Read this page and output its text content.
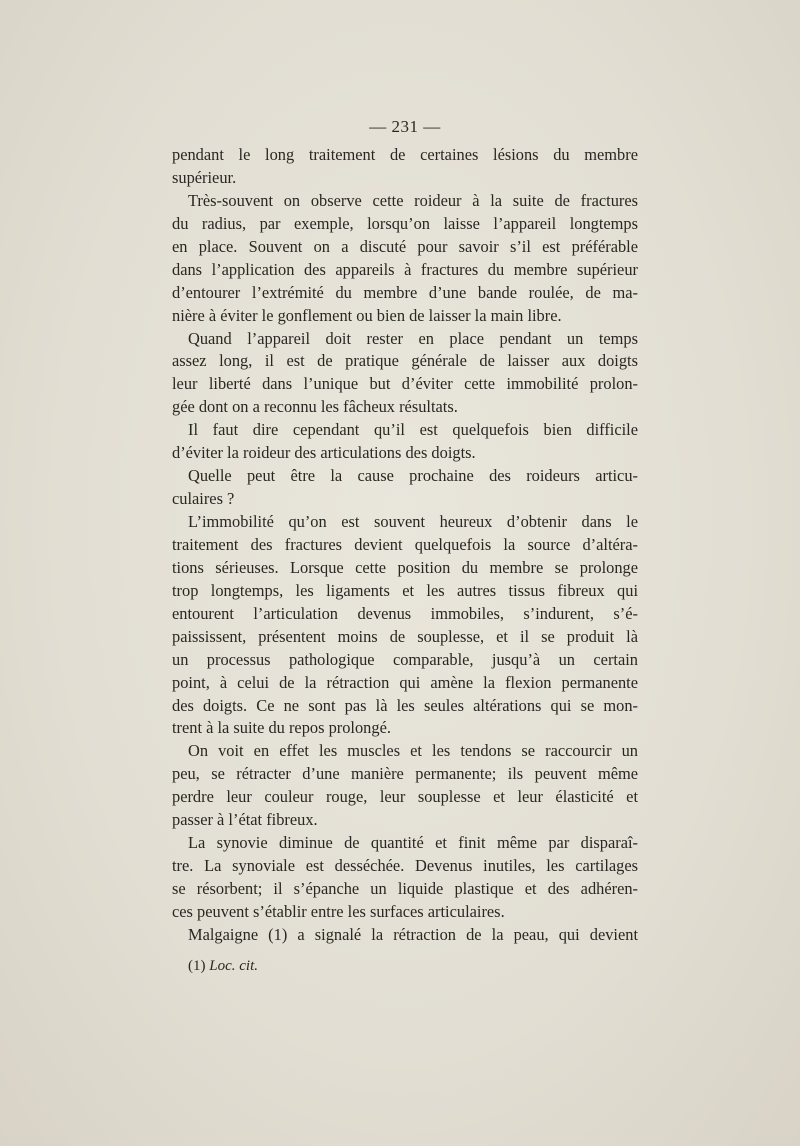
— 231 —
pendant le long traitement de certaines lésions du membre
supérieur.
Très-souvent on observe cette roideur à la suite de fractures
du radius, par exemple, lorsqu’on laisse l’appareil longtemps
en place. Souvent on a discuté pour savoir s’il est préférable
dans l’application des appareils à fractures du membre supérieur
d’entourer l’extrémité du membre d’une bande roulée, de ma-
nière à éviter le gonflement ou bien de laisser la main libre.
Quand l’appareil doit rester en place pendant un temps
assez long, il est de pratique générale de laisser aux doigts
leur liberté dans l’unique but d’éviter cette immobilité prolon-
gée dont on a reconnu les fâcheux résultats.
Il faut dire cependant qu’il est quelquefois bien difficile
d’éviter la roideur des articulations des doigts.
Quelle peut être la cause prochaine des roideurs articu-
culaires ?
L’immobilité qu’on est souvent heureux d’obtenir dans le
traitement des fractures devient quelquefois la source d’altéra-
tions sérieuses. Lorsque cette position du membre se prolonge
trop longtemps, les ligaments et les autres tissus fibreux qui
entourent l’articulation devenus immobiles, s’indurent, s’é-
paississent, présentent moins de souplesse, et il se produit là
un processus pathologique comparable, jusqu’à un certain
point, à celui de la rétraction qui amène la flexion permanente
des doigts. Ce ne sont pas là les seules altérations qui se mon-
trent à la suite du repos prolongé.
On voit en effet les muscles et les tendons se raccourcir un
peu, se rétracter d’une manière permanente; ils peuvent même
perdre leur couleur rouge, leur souplesse et leur élasticité et
passer à l’état fibreux.
La synovie diminue de quantité et finit même par disparaî-
tre. La synoviale est desséchée. Devenus inutiles, les cartilages
se résorbent; il s’épanche un liquide plastique et des adhéren-
ces peuvent s’établir entre les surfaces articulaires.
Malgaigne (1) a signalé la rétraction de la peau, qui devient
(1) Loc. cit.
